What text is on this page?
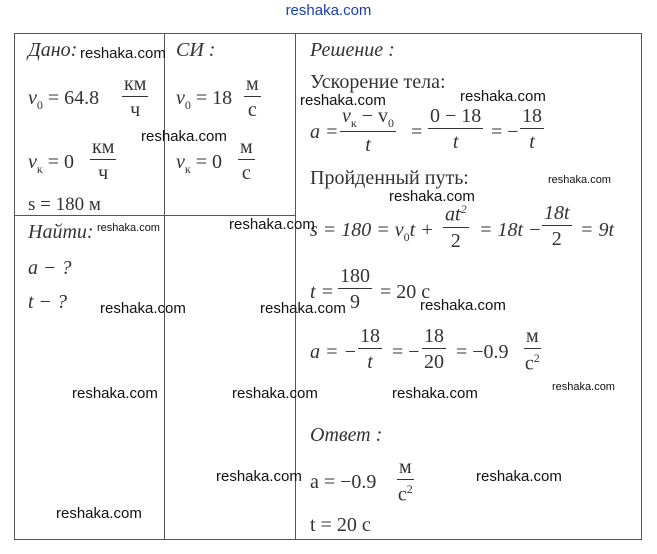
reshaka.com
Дано:
$v_0 = 64.8$
км
ч
$v_к = 0$
км
ч
s = 180 м
СИ :
$v_0 = 18$
м
с
$v_к = 0$
м
с
Найти:
a − ?
t − ?
Решение :
Ускорение тела:
a =
$v_к - v_0$
t
= $\frac{0 - 18}{t}$ = − $\frac{18}{t}$
Пройденный путь:
$s = 180 = v_0t + \frac{at^2}{2} = 18t - \frac{18t}{2} = 9t$
$t = \frac{180}{9} = 20$ с
a = − $\frac{18}{t}$ = − $\frac{18}{20} = -0.9$
м
$с^2$
Ответ :
a = −0.9
м
$с^2$
t = 20 с
reshaka.com
reshaka.com	reshaka.com
reshaka.com
reshaka.com
reshaka.com
reshaka.com	reshaka.com
reshaka.com	reshaka.com	reshaka.com
reshaka.com	reshaka.com	reshaka.com	reshaka.com
reshaka.com	reshaka.com
reshaka.com
